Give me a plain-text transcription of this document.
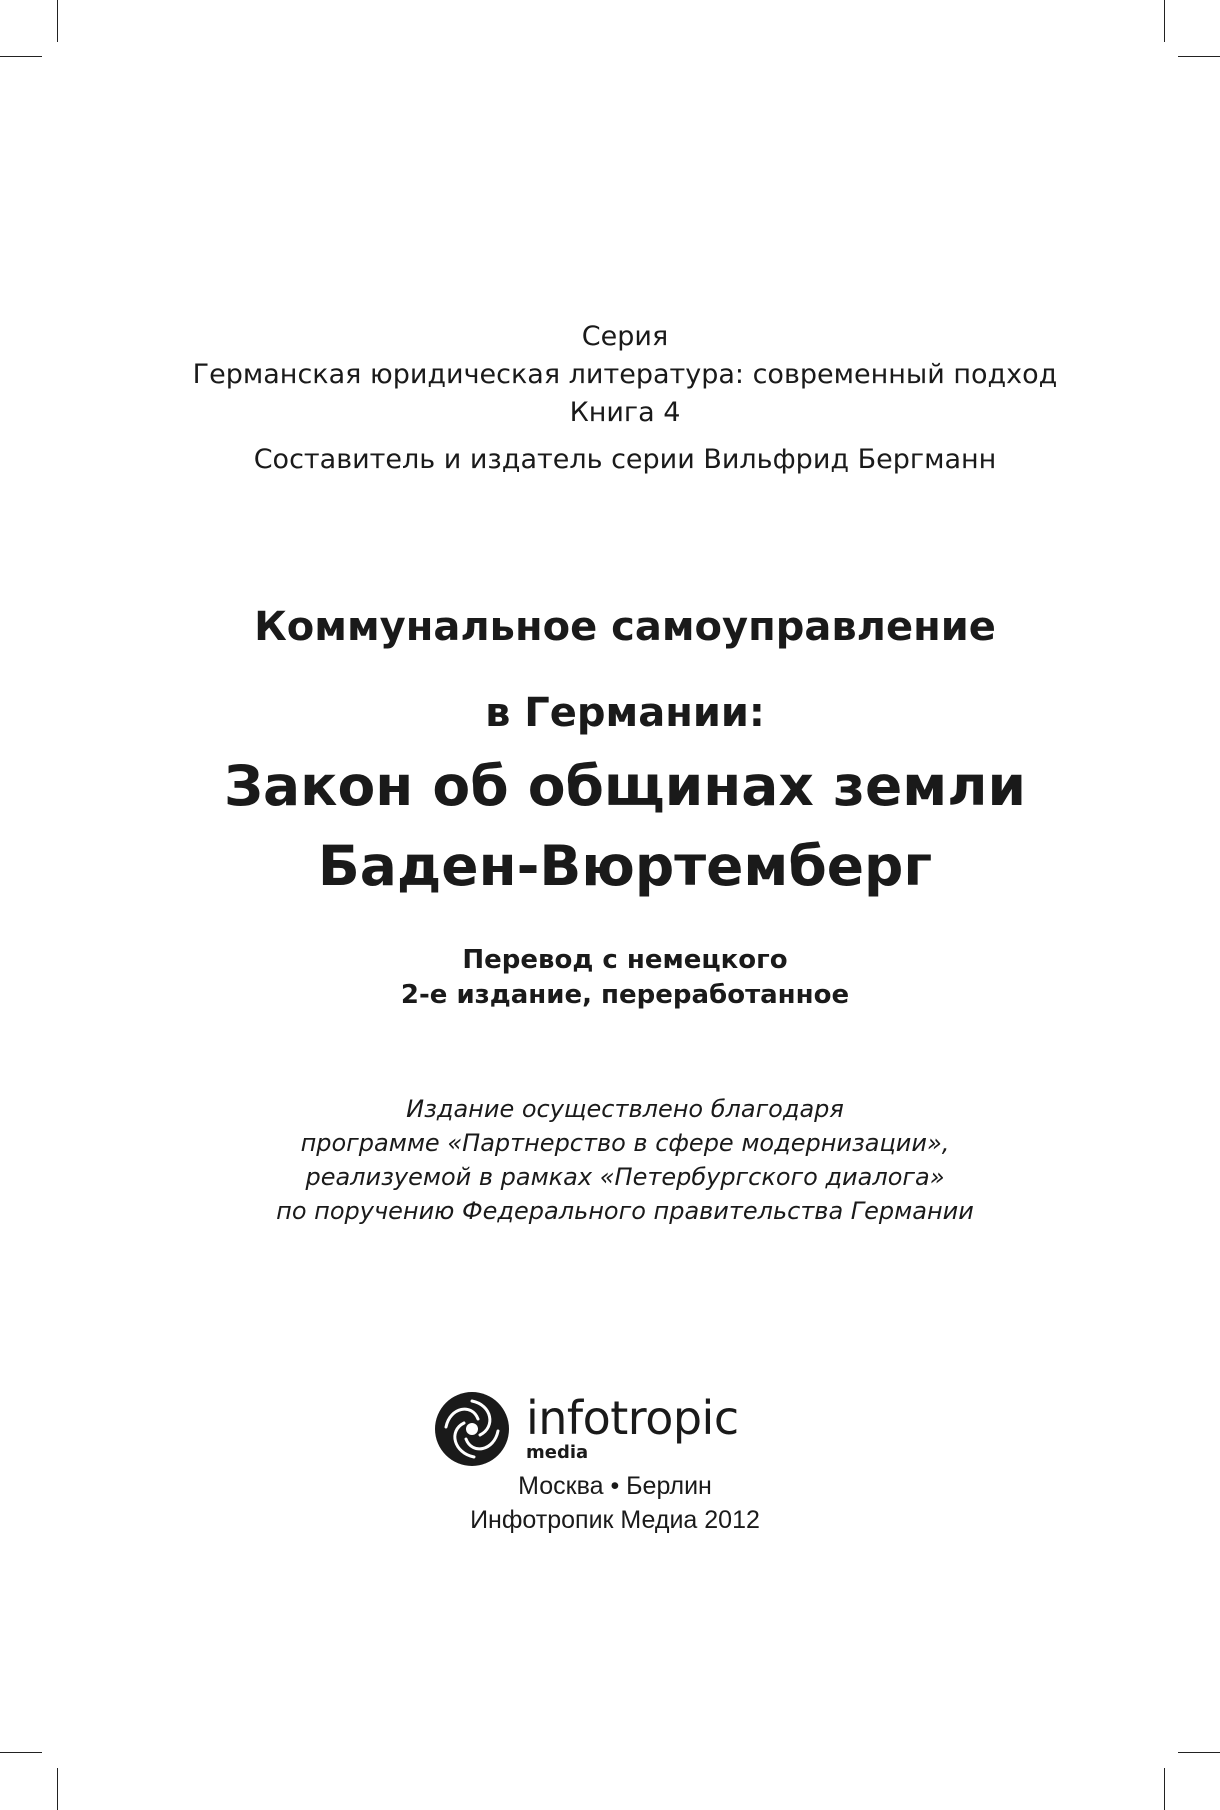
Серия
Германская юридическая литература: современный подход
Книга 4
Составитель и издатель серии Вильфрид Бергманн
Коммунальное самоуправление
в Германии:
Закон об общинах земли
Баден-Вюртемберг
Перевод с немецкого
2-е издание, переработанное
Издание осуществлено благодаря
программе «Партнерство в сфере модернизации»,
реализуемой в рамках «Петербургского диалога»
по поручению Федерального правительства Германии
infotropic
media
Москва • Берлин
Инфотропик Медиа 2012
